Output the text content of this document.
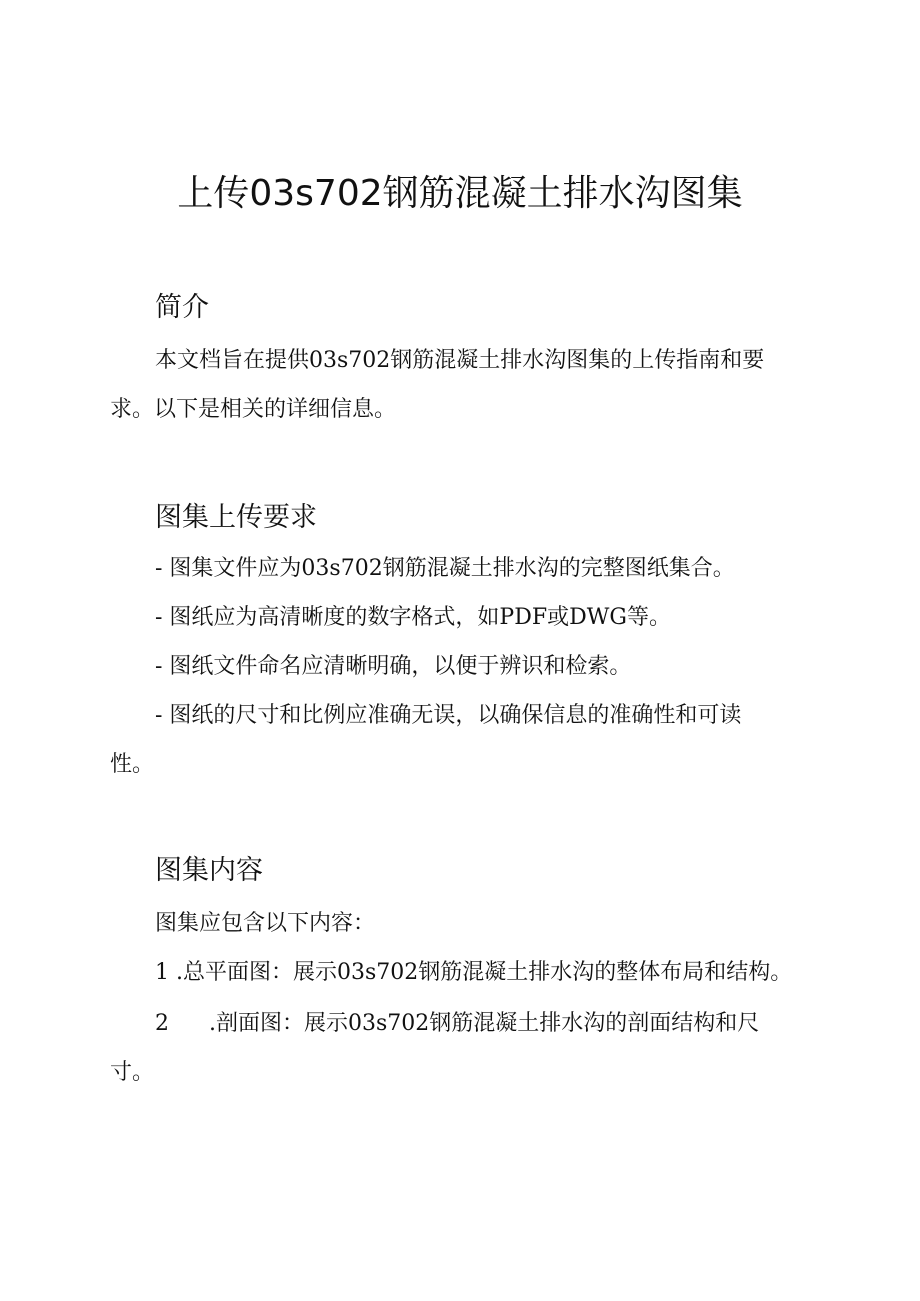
上传03s702钢筋混凝土排水沟图集
简介

本文档旨在提供03s702钢筋混凝土排水沟图集的上传指南和要

求。以下是相关的详细信息。

图集上传要求

- 图集文件应为03s702钢筋混凝土排水沟的完整图纸集合。

- 图纸应为高清晰度的数字格式，如PDF或DWG等。

- 图纸文件命名应清晰明确，以便于辨识和检索。

- 图纸的尺寸和比例应准确无误，以确保信息的准确性和可读

性。

图集内容

图集应包含以下内容：

1 .总平面图：展示03s702钢筋混凝土排水沟的整体布局和结构。

2 .剖面图：展示03s702钢筋混凝土排水沟的剖面结构和尺

寸。
